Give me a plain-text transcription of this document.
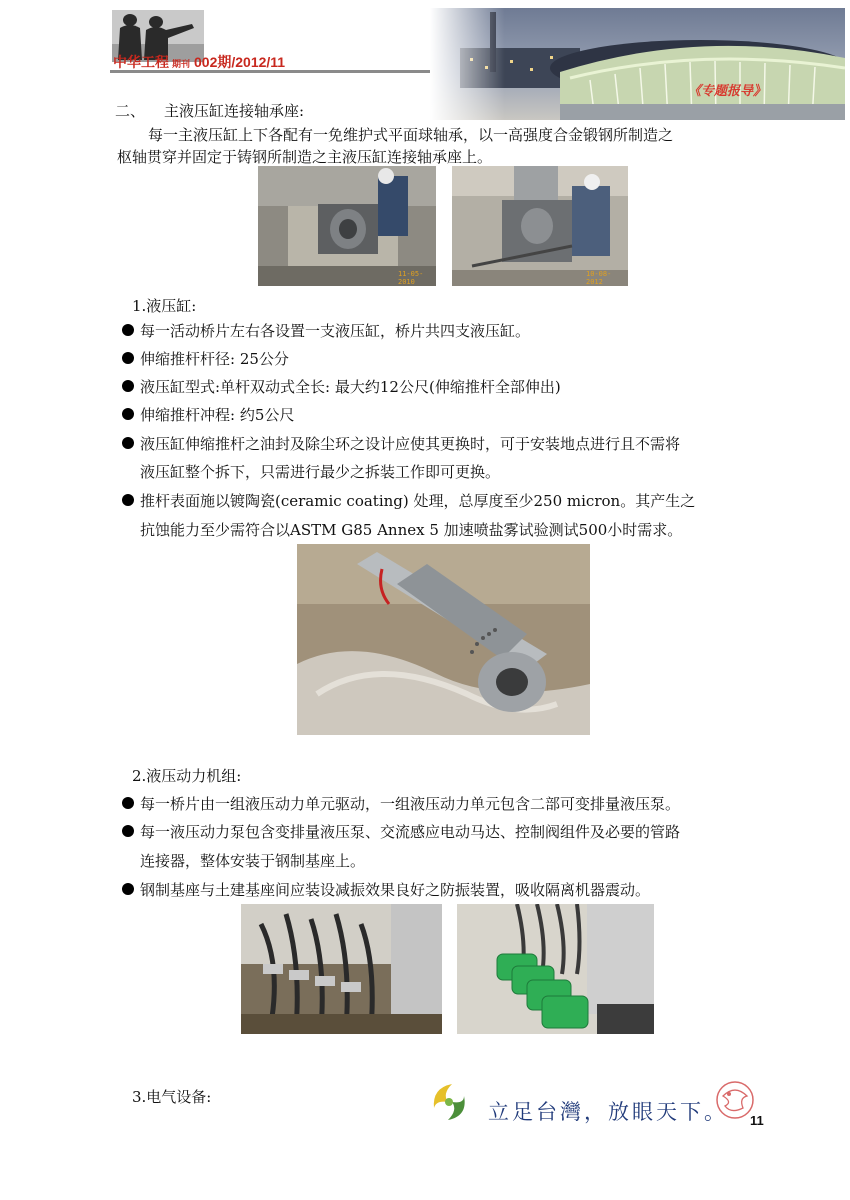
中华工程 期刊 002期/2012/11
《专题报导》
二、 主液压缸连接轴承座:
每一主液压缸上下各配有一免维护式平面球轴承，以一高强度合金锻钢所制造之
枢轴贯穿并固定于铸钢所制造之主液压缸连接轴承座上。
11-05-2010
10-08-2012
1.液压缸:
每一活动桥片左右各设置一支液压缸，桥片共四支液压缸。
伸缩推杆杆径: 25公分
液压缸型式:单杆双动式全长: 最大约12公尺(伸缩推杆全部伸出)
伸缩推杆冲程: 约5公尺
液压缸伸缩推杆之油封及除尘环之设计应使其更换时，可于安装地点进行且不需将
液压缸整个拆下，只需进行最少之拆装工作即可更换。
推杆表面施以镀陶瓷(ceramic coating) 处理，总厚度至少250 micron。其产生之
抗蚀能力至少需符合以ASTM G85 Annex 5 加速喷盐雾试验测试500小时需求。
2.液压动力机组:
每一桥片由一组液压动力单元驱动，一组液压动力单元包含二部可变排量液压泵。
每一液压动力泵包含变排量液压泵、交流感应电动马达、控制阀组件及必要的管路
连接器，整体安装于钢制基座上。
钢制基座与土建基座间应装设减振效果良好之防振装置，吸收隔离机器震动。
3.电气设备:
立足台灣，放眼天下。 11
